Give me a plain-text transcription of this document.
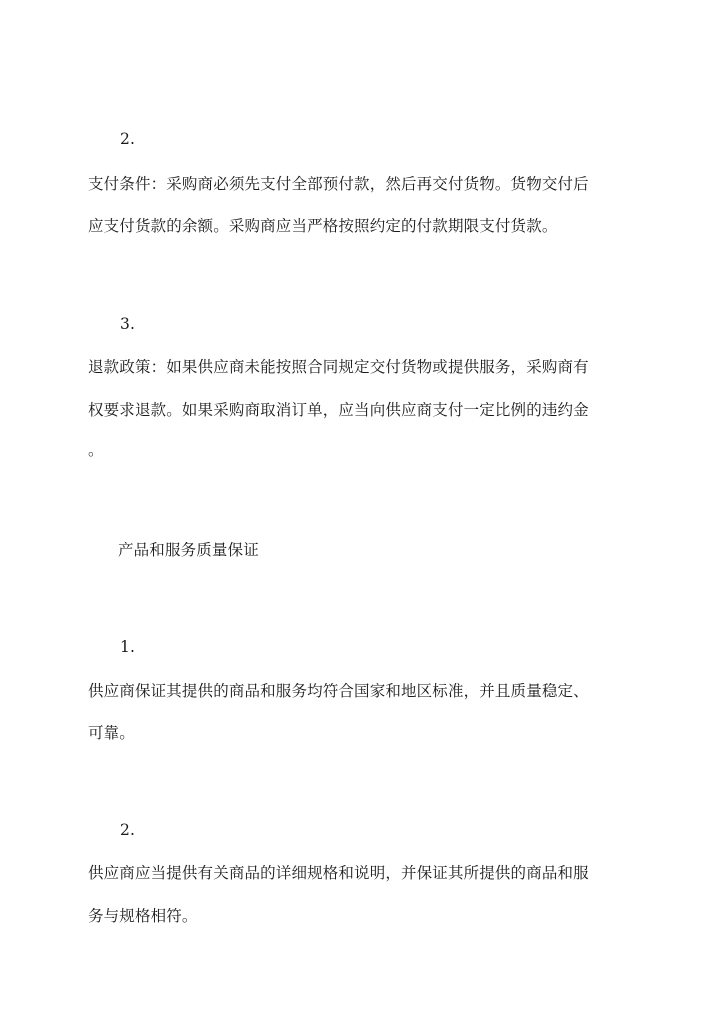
2.
支付条件：采购商必须先支付全部预付款，然后再交付货物。货物交付后
应支付货款的余额。采购商应当严格按照约定的付款期限支付货款。
3.
退款政策：如果供应商未能按照合同规定交付货物或提供服务，采购商有
权要求退款。如果采购商取消订单，应当向供应商支付一定比例的违约金
。
产品和服务质量保证
1.
供应商保证其提供的商品和服务均符合国家和地区标准，并且质量稳定、
可靠。
2.
供应商应当提供有关商品的详细规格和说明，并保证其所提供的商品和服
务与规格相符。
